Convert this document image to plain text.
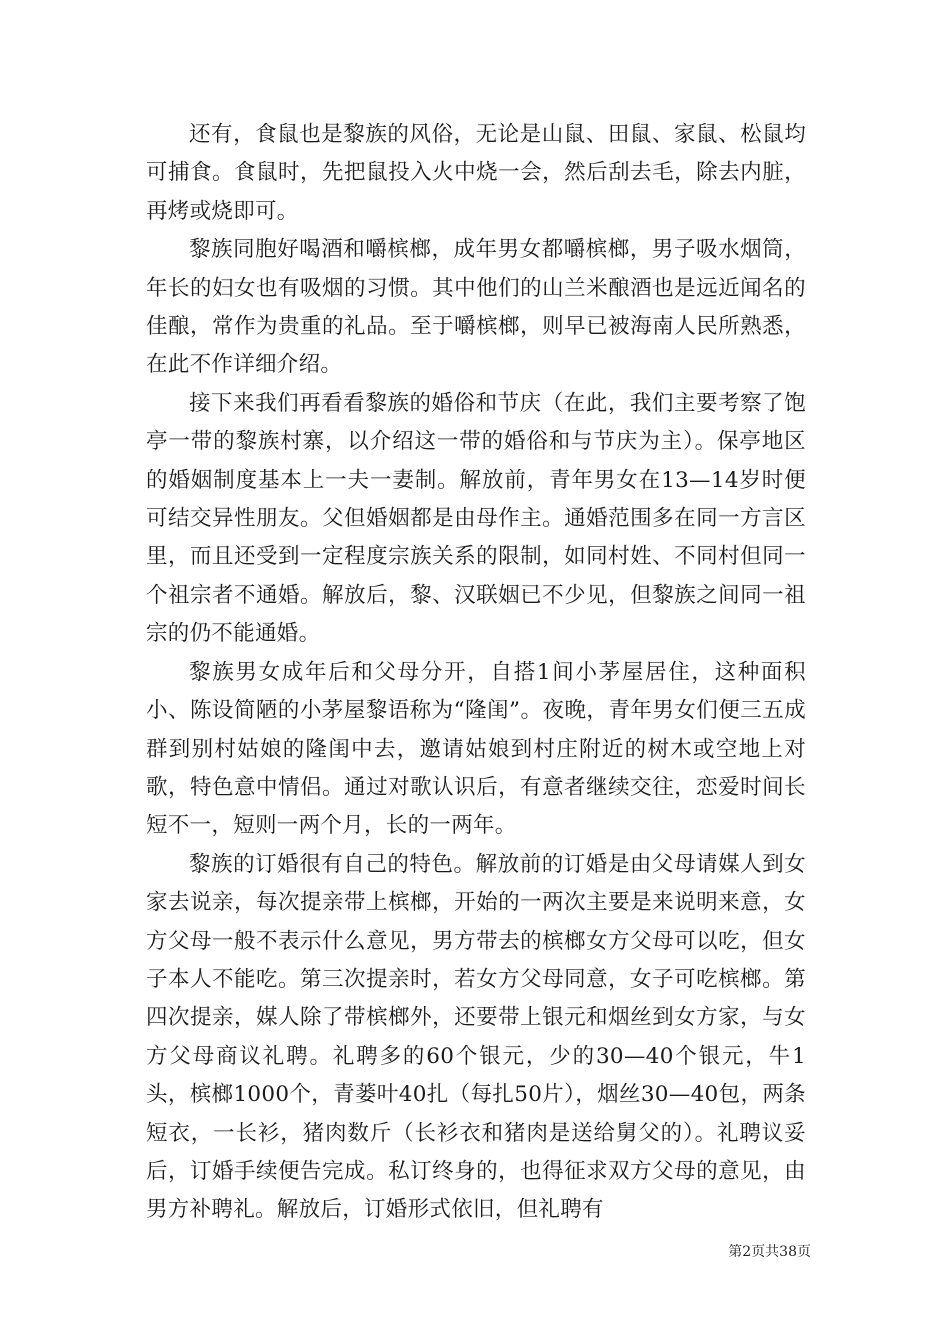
还有，食鼠也是黎族的风俗，无论是山鼠、田鼠、家鼠、松鼠均可捕食。食鼠时，先把鼠投入火中烧一会，然后刮去毛，除去内脏，再烤或烧即可。

黎族同胞好喝酒和嚼槟榔，成年男女都嚼槟榔，男子吸水烟筒，年长的妇女也有吸烟的习惯。其中他们的山兰米酿酒也是远近闻名的佳酿，常作为贵重的礼品。至于嚼槟榔，则早已被海南人民所熟悉，在此不作详细介绍。

接下来我们再看看黎族的婚俗和节庆（在此，我们主要考察了饱亭一带的黎族村寨，以介绍这一带的婚俗和与节庆为主）。保亭地区的婚姻制度基本上一夫一妻制。解放前，青年男女在13—14岁时便可结交异性朋友。父但婚姻都是由母作主。通婚范围多在同一方言区里，而且还受到一定程度宗族关系的限制，如同村姓、不同村但同一个祖宗者不通婚。解放后，黎、汉联姻已不少见，但黎族之间同一祖宗的仍不能通婚。

黎族男女成年后和父母分开，自搭1间小茅屋居住，这种面积小、陈设简陋的小茅屋黎语称为“隆闺”。夜晚，青年男女们便三五成群到别村姑娘的隆闺中去，邀请姑娘到村庄附近的树木或空地上对歌，特色意中情侣。通过对歌认识后，有意者继续交往，恋爱时间长短不一，短则一两个月，长的一两年。

黎族的订婚很有自己的特色。解放前的订婚是由父母请媒人到女家去说亲，每次提亲带上槟榔，开始的一两次主要是来说明来意，女方父母一般不表示什么意见，男方带去的槟榔女方父母可以吃，但女子本人不能吃。第三次提亲时，若女方父母同意，女子可吃槟榔。第四次提亲，媒人除了带槟榔外，还要带上银元和烟丝到女方家，与女方父母商议礼聘。礼聘多的60个银元，少的30—40个银元，牛1头，槟榔1000个，青蒌叶40扎（每扎50片），烟丝30—40包，两条短衣，一长衫，猪肉数斤（长衫衣和猪肉是送给舅父的）。礼聘议妥后，订婚手续便告完成。私订终身的，也得征求双方父母的意见，由男方补聘礼。解放后，订婚形式依旧，但礼聘有

第2页共38页
